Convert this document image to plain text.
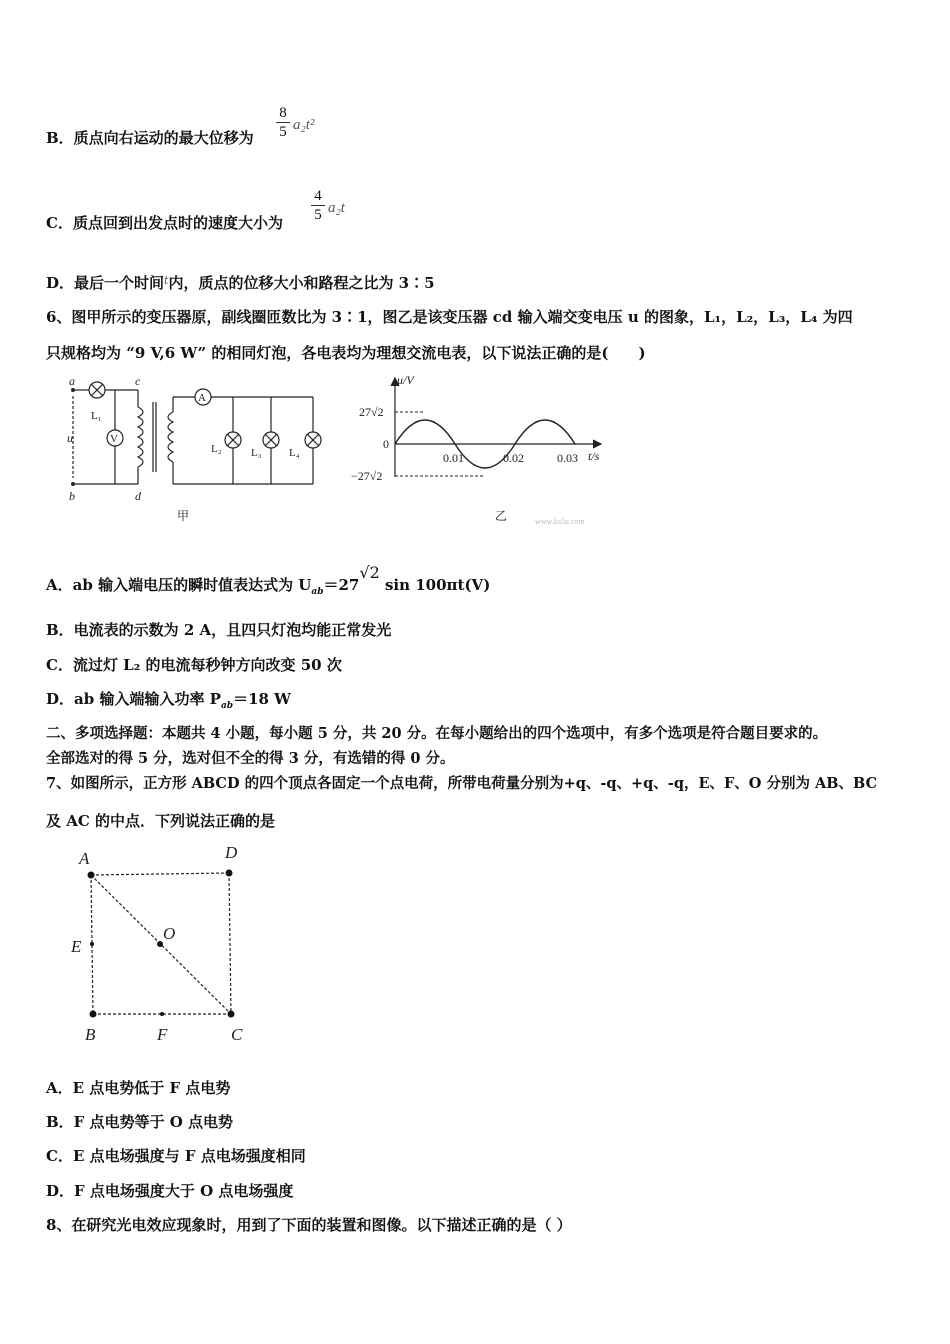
B．质点向右运动的最大位移为 $\frac{8}{5} a_2t^2$
C．质点回到出发点时的速度大小为 $\frac{4}{5} a_2t$
D．最后一个时间$^t$内，质点的位移大小和路程之比为 3∶5
6、图甲所示的变压器原，副线圈匝数比为 3∶1，图乙是该变压器 cd 输入端交变电压 u 的图象，L₁，L₂，L₃，L₄ 为四
只规格均为 “9 V,6 W” 的相同灯泡，各电表均为理想交流电表，以下说法正确的是(　　)
a
b
c
d
u
L₁
L₂	L₃ L₄
V
A
甲
u/V
t/s
27√2
0
−27√2
0.01	0.02	0.03
乙	www.ks5u.com
A．ab 输入端电压的瞬时值表达式为 $U_{ab}=27√2$ sin 100πt(V)
B．电流表的示数为 2 A，且四只灯泡均能正常发光
C．流过灯 L₂ 的电流每秒钟方向改变 50 次
D．ab 输入端输入功率 $P_{ab}=18$ W
二、多项选择题：本题共 4 小题，每小题 5 分，共 20 分。在每小题给出的四个选项中，有多个选项是符合题目要求的。
全部选对的得 5 分，选对但不全的得 3 分，有选错的得 0 分。
7、如图所示，正方形 ABCD 的四个顶点各固定一个点电荷，所带电荷量分别为+q、-q、+q、-q，E、F、O 分别为 AB、BC
及 AC 的中点．下列说法正确的是
A	D
B	C
E
F
O
A．E 点电势低于 F 点电势
B．F 点电势等于 O 点电势
C．E 点电场强度与 F 点电场强度相同
D．F 点电场强度大于 O 点电场强度
8、在研究光电效应现象时，用到了下面的装置和图像。以下描述正确的是（ ）
